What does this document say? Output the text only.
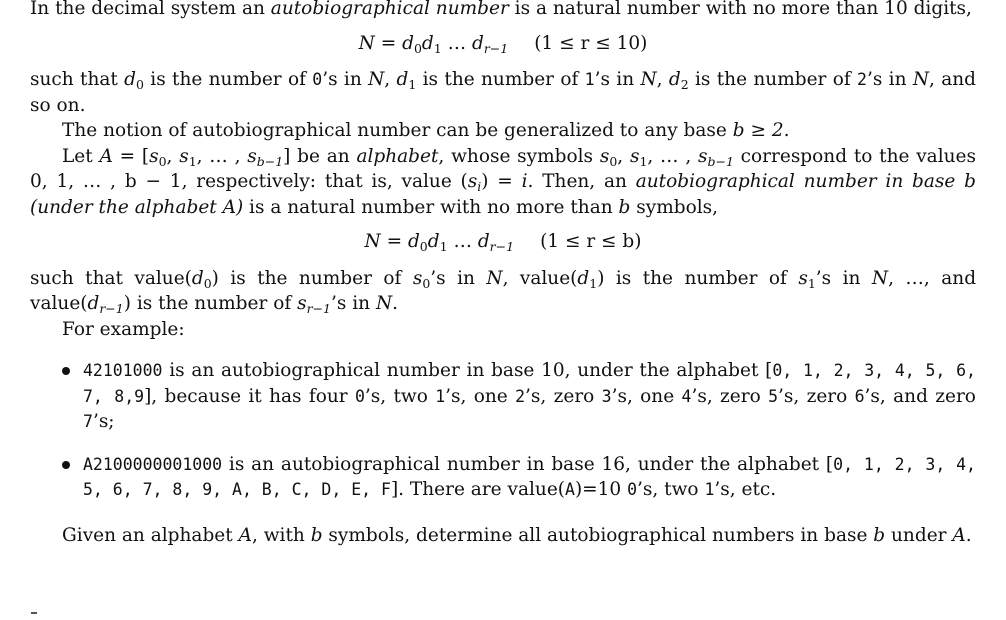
In the decimal system an autobiographical number is a natural number with no more than 10 digits,

$N = d_0d_1$ … $d_{r-1}$ (1 ≤ r ≤ 10)

such that $d_0$ is the number of 0’s in N, $d_1$ is the number of 1’s in N, $d_2$ is the number of 2’s in N, and so on.

The notion of autobiographical number can be generalized to any base b ≥ 2.

Let $A = [s_0$, $s_1$, … , $s_{b-1}$] be an alphabet, whose symbols $s_0$, $s_1$, … , $s_{b-1}$ correspond to the values 0, 1, … , b − 1, respectively: that is, value $(s_i) = i$. Then, an autobiographical number in base b (under the alphabet A) is a natural number with no more than b symbols,

$N = d_0d_1$ … $d_{r-1}$ (1 ≤ r ≤ b)

such that $value(d_0)$ is the number of $s_0’s$ in N, $value(d_1)$ is the number of $s_1’s$ in N, …, and $value(d_{r-1})$ is the number of $s_{r-1}’s$ in N.

For example:

42101000 is an autobiographical number in base 10, under the alphabet [0, 1, 2, 3, 4, 5, 6, 7, 8,9], because it has four 0’s, two 1’s, one 2’s, zero 3’s, one 4’s, zero 5’s, zero 6’s, and zero 7’s;
A2100000001000 is an autobiographical number in base 16, under the alphabet [0, 1, 2, 3, 4, 5, 6, 7, 8, 9, A, B, C, D, E, F]. There are value(A)=10 0’s, two 1’s, etc.

Given an alphabet A, with b symbols, determine all autobiographical numbers in base b under A.
